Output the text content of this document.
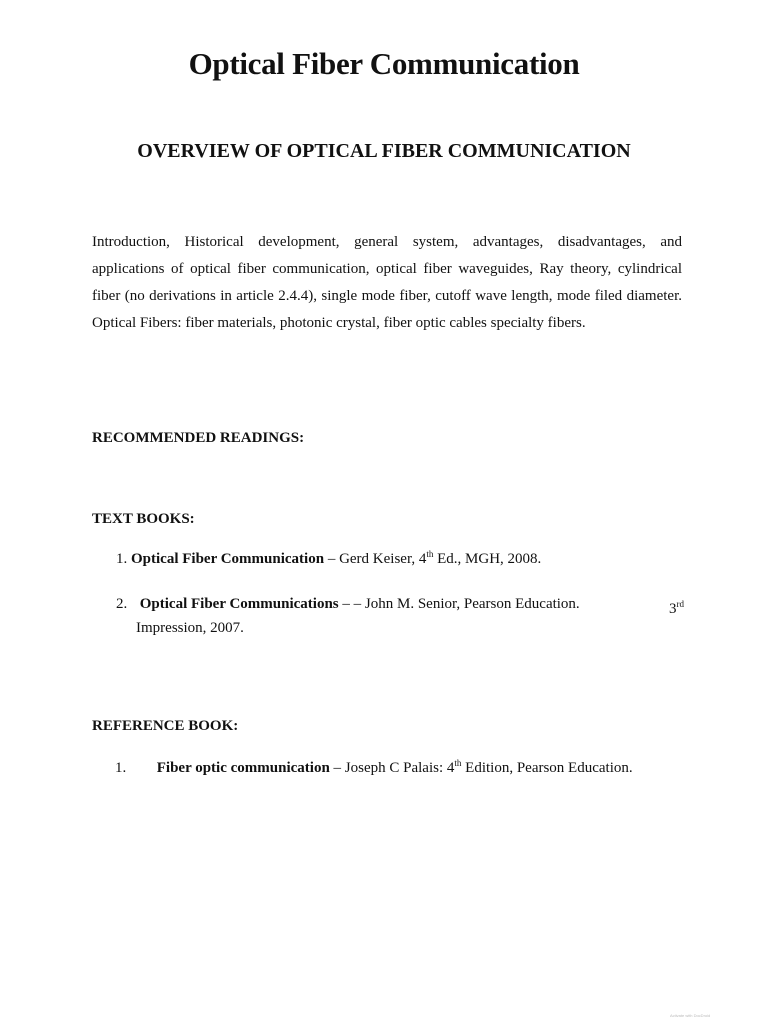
Optical Fiber Communication
OVERVIEW OF OPTICAL FIBER COMMUNICATION
Introduction, Historical development, general system, advantages, disadvantages, and applications of optical fiber communication, optical fiber waveguides, Ray theory, cylindrical fiber (no derivations in article 2.4.4), single mode fiber, cutoff wave length, mode filed diameter. Optical Fibers: fiber materials, photonic crystal, fiber optic cables specialty fibers.
RECOMMENDED READINGS:
TEXT BOOKS:
1. Optical Fiber Communication – Gerd Keiser, 4th Ed., MGH, 2008.
2. Optical Fiber Communications – – John M. Senior, Pearson Education.	3rd
Impression, 2007.
REFERENCE BOOK:
1. Fiber optic communication – Joseph C Palais: 4th Edition, Pearson Education.
Activate with DocDroid
